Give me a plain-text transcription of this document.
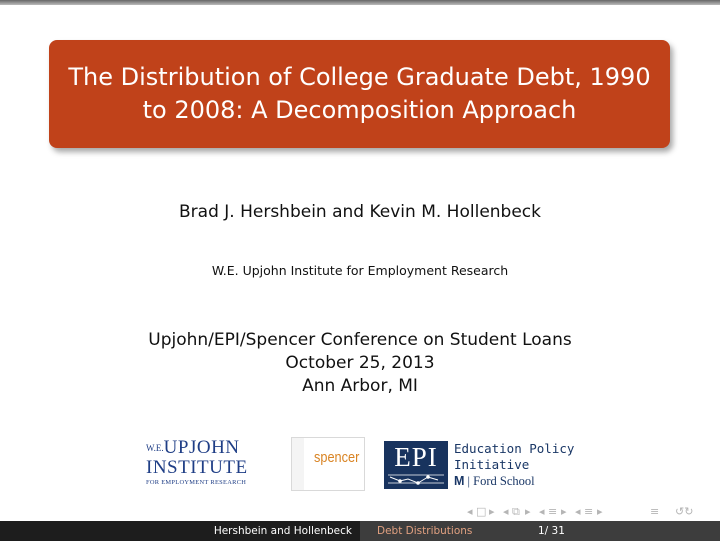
The Distribution of College Graduate Debt, 1990
to 2008: A Decomposition Approach
Brad J. Hershbein and Kevin M. Hollenbeck
W.E. Upjohn Institute for Employment Research
Upjohn/EPI/Spencer Conference on Student Loans
October 25, 2013
Ann Arbor, MI
$^{W.E.}$UPJOHN
INSTITUTE
FOR EMPLOYMENT RESEARCH
spencer	EPI	Education Policy
Initiative
M | Ford School
◂ □ ▸ ◂ ⧉ ▸ ◂ ≡ ▸ ◂ ≡ ▸	≡ ↺↻
Hershbein and Hollenbeck	Debt Distributions	1/ 31
